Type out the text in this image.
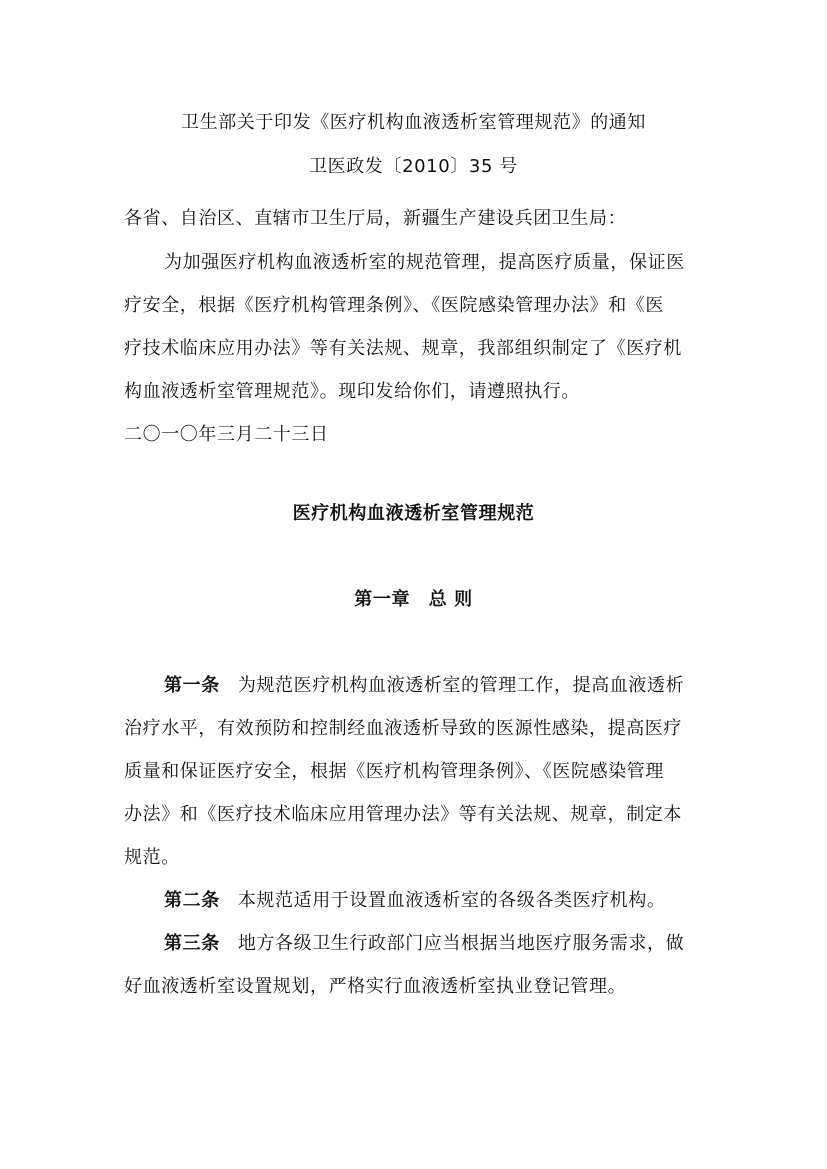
卫生部关于印发《医疗机构血液透析室管理规范》的通知
卫医政发〔2010〕35 号
各省、自治区、直辖市卫生厅局，新疆生产建设兵团卫生局：
为加强医疗机构血液透析室的规范管理，提高医疗质量，保证医
疗安全，根据《医疗机构管理条例》、《医院感染管理办法》和《医
疗技术临床应用办法》等有关法规、规章，我部组织制定了《医疗机
构血液透析室管理规范》。现印发给你们，请遵照执行。
二〇一〇年三月二十三日
医疗机构血液透析室管理规范
第一章　总 则
第一条 为规范医疗机构血液透析室的管理工作，提高血液透析
治疗水平，有效预防和控制经血液透析导致的医源性感染，提高医疗
质量和保证医疗安全，根据《医疗机构管理条例》、《医院感染管理
办法》和《医疗技术临床应用管理办法》等有关法规、规章，制定本
规范。
第二条 本规范适用于设置血液透析室的各级各类医疗机构。
第三条 地方各级卫生行政部门应当根据当地医疗服务需求，做
好血液透析室设置规划，严格实行血液透析室执业登记管理。
